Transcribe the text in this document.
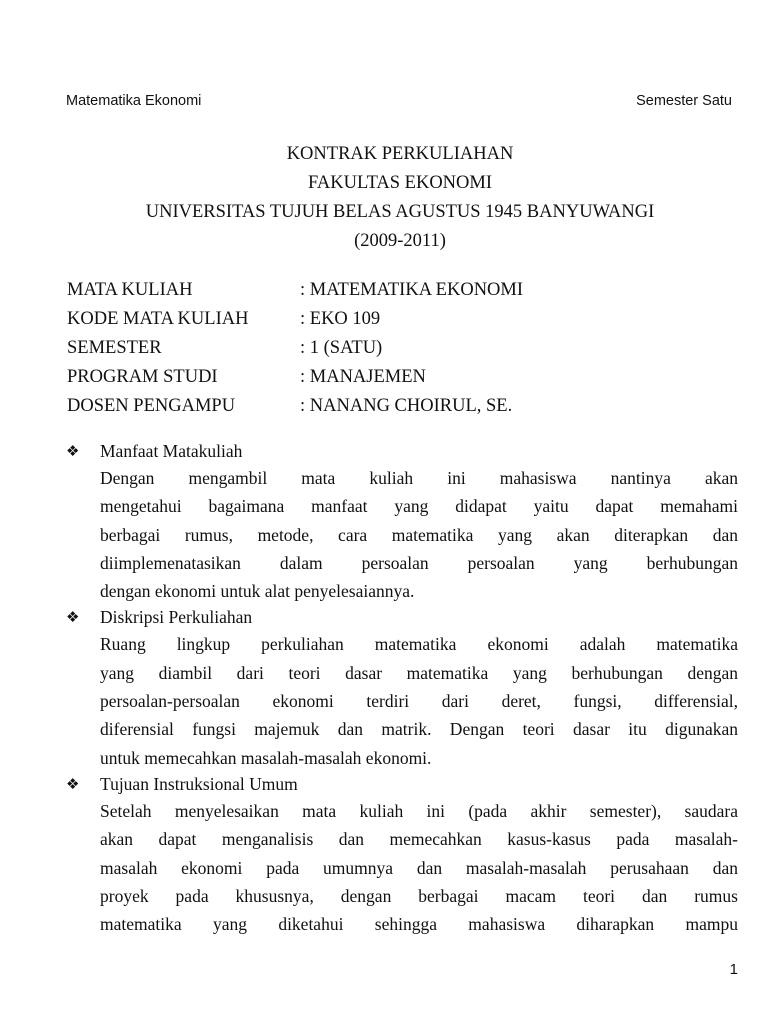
Matematika Ekonomi	Semester Satu
KONTRAK PERKULIAHAN
FAKULTAS EKONOMI
UNIVERSITAS TUJUH BELAS AGUSTUS 1945 BANYUWANGI
(2009-2011)
MATA KULIAH	: MATEMATIKA EKONOMI
KODE MATA KULIAH	: EKO 109
SEMESTER	: 1 (SATU)
PROGRAM STUDI	: MANAJEMEN
DOSEN PENGAMPU	: NANANG CHOIRUL, SE.
❖	Manfaat Matakuliah
Dengan mengambil mata kuliah ini mahasiswa nantinya akan
mengetahui bagaimana manfaat yang didapat yaitu dapat memahami
berbagai rumus, metode, cara matematika yang akan diterapkan dan
diimplemenatasikan dalam persoalan persoalan yang berhubungan
dengan ekonomi untuk alat penyelesaiannya.
❖	Diskripsi Perkuliahan
Ruang lingkup perkuliahan matematika ekonomi adalah matematika
yang diambil dari teori dasar matematika yang berhubungan dengan
persoalan-persoalan ekonomi terdiri dari deret, fungsi, differensial,
diferensial fungsi majemuk dan matrik. Dengan teori dasar itu digunakan
untuk memecahkan masalah-masalah ekonomi.
❖	Tujuan Instruksional Umum
Setelah menyelesaikan mata kuliah ini (pada akhir semester), saudara
akan dapat menganalisis dan memecahkan kasus-kasus pada masalah-
masalah ekonomi pada umumnya dan masalah-masalah perusahaan dan
proyek pada khususnya, dengan berbagai macam teori dan rumus
matematika yang diketahui sehingga mahasiswa diharapkan mampu
1
